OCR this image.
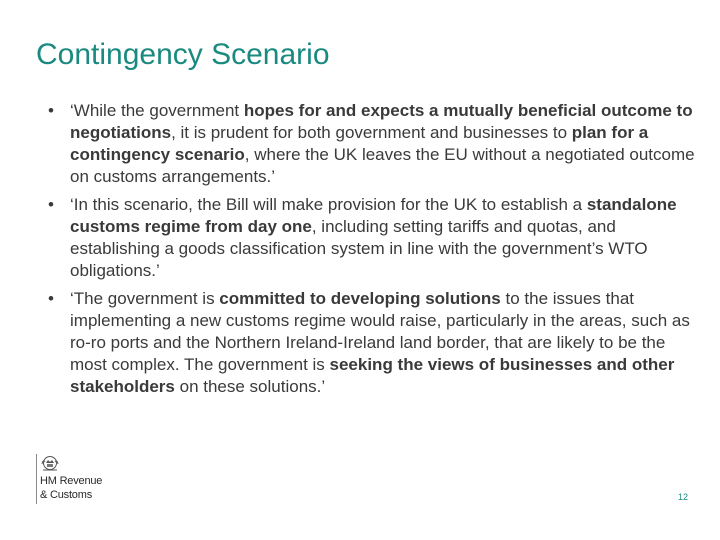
Contingency Scenario
• ‘While the government hopes for and expects a mutually beneficial outcome to negotiations, it is prudent for both government and businesses to plan for a contingency scenario, where the UK leaves the EU without a negotiated outcome on customs arrangements.’
• ‘In this scenario, the Bill will make provision for the UK to establish a standalone customs regime from day one, including setting tariffs and quotas, and establishing a goods classification system in line with the government’s WTO obligations.’
• ‘The government is committed to developing solutions to the issues that implementing a new customs regime would raise, particularly in the areas, such as ro-ro ports and the Northern Ireland-Ireland land border, that are likely to be the most complex. The government is seeking the views of businesses and other stakeholders on these solutions.’
HM Revenue
& Customs	12
